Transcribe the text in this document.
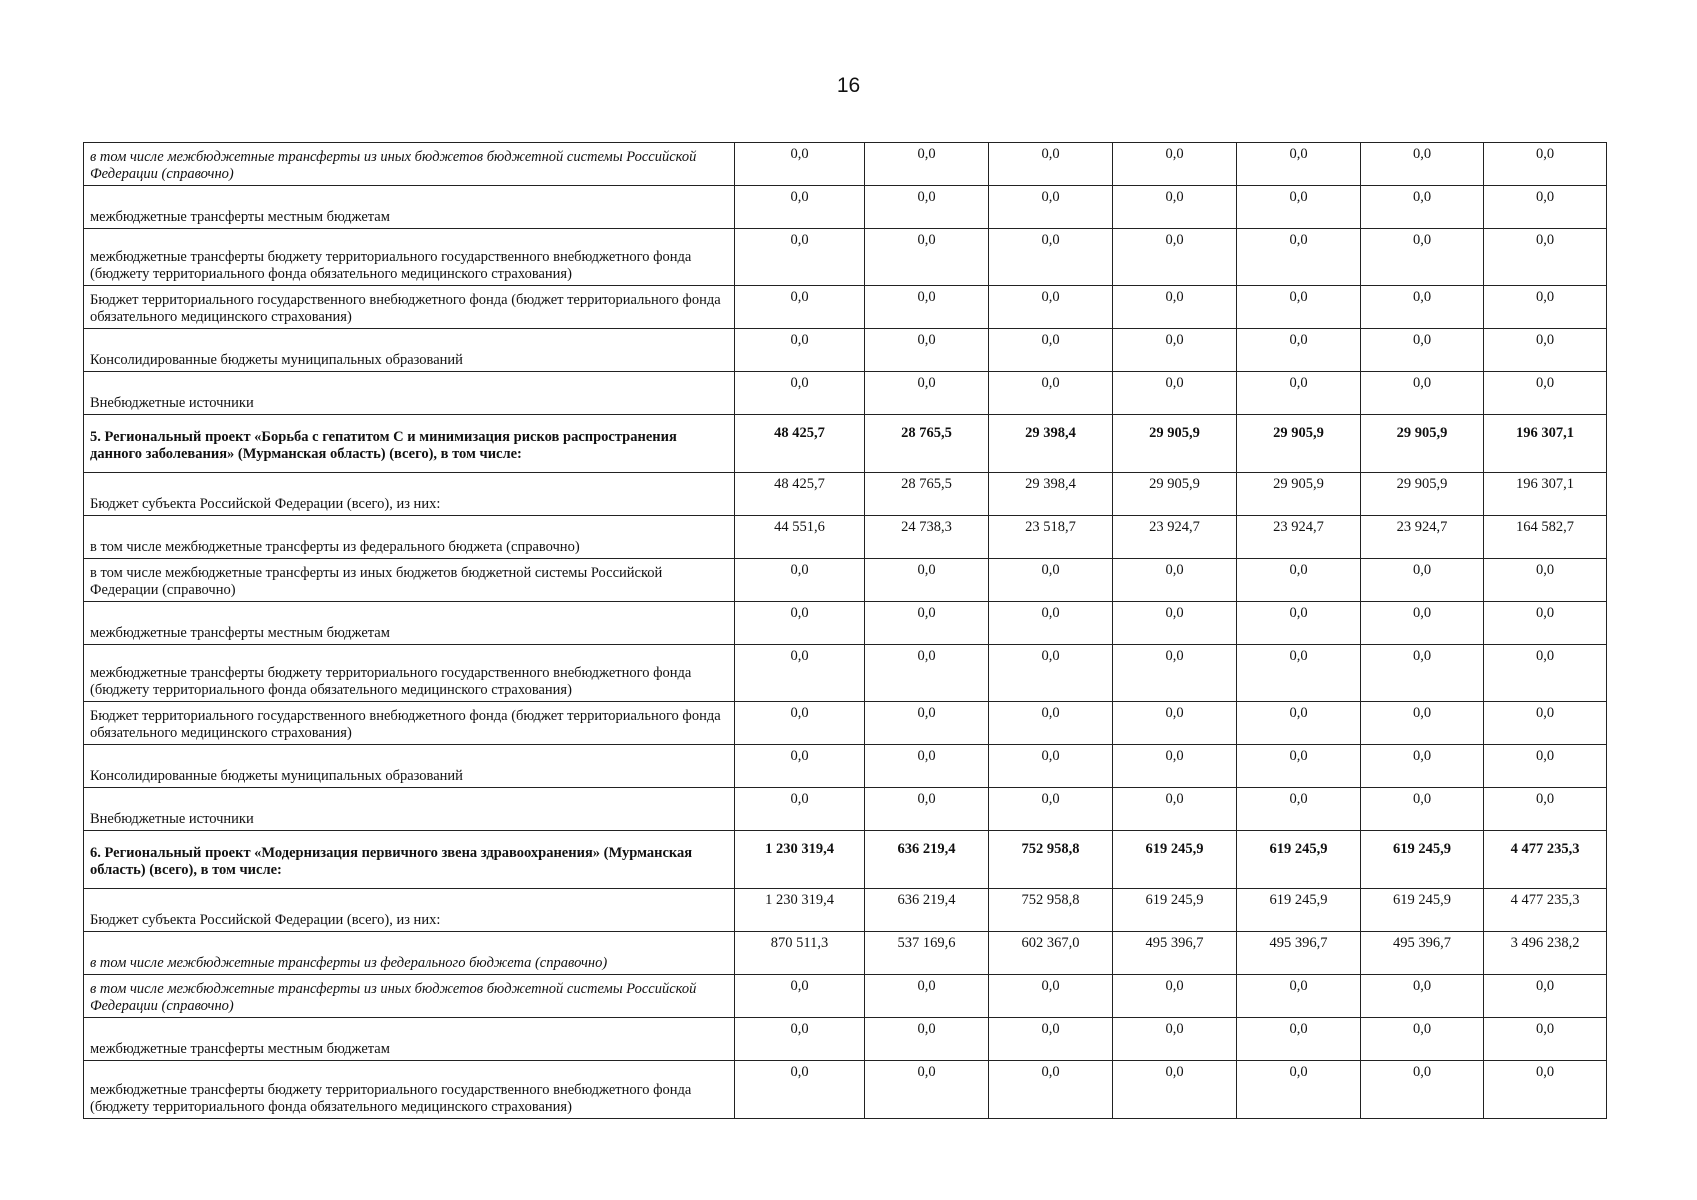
16
в том числе межбюджетные трансферты из иных бюджетов бюджетной системы Российской Федерации (справочно)	0,0	0,0	0,0	0,0	0,0	0,0	0,0
межбюджетные трансферты местным бюджетам	0,0	0,0	0,0	0,0	0,0	0,0	0,0
межбюджетные трансферты бюджету территориального государственного внебюджетного фонда (бюджету территориального фонда обязательного медицинского страхования)	0,0	0,0	0,0	0,0	0,0	0,0	0,0
Бюджет территориального государственного внебюджетного фонда (бюджет территориального фонда обязательного медицинского страхования)	0,0	0,0	0,0	0,0	0,0	0,0	0,0
Консолидированные бюджеты муниципальных образований	0,0	0,0	0,0	0,0	0,0	0,0	0,0
Внебюджетные источники	0,0	0,0	0,0	0,0	0,0	0,0	0,0
5. Региональный проект «Борьба с гепатитом С и минимизация рисков распространения данного заболевания» (Мурманская область) (всего), в том числе:	48 425,7	28 765,5	29 398,4	29 905,9	29 905,9	29 905,9	196 307,1
Бюджет субъекта Российской Федерации (всего), из них:	48 425,7	28 765,5	29 398,4	29 905,9	29 905,9	29 905,9	196 307,1
в том числе межбюджетные трансферты из федерального бюджета (справочно)	44 551,6	24 738,3	23 518,7	23 924,7	23 924,7	23 924,7	164 582,7
в том числе межбюджетные трансферты из иных бюджетов бюджетной системы Российской Федерации (справочно)	0,0	0,0	0,0	0,0	0,0	0,0	0,0
межбюджетные трансферты местным бюджетам	0,0	0,0	0,0	0,0	0,0	0,0	0,0
межбюджетные трансферты бюджету территориального государственного внебюджетного фонда (бюджету территориального фонда обязательного медицинского страхования)	0,0	0,0	0,0	0,0	0,0	0,0	0,0
Бюджет территориального государственного внебюджетного фонда (бюджет территориального фонда обязательного медицинского страхования)	0,0	0,0	0,0	0,0	0,0	0,0	0,0
Консолидированные бюджеты муниципальных образований	0,0	0,0	0,0	0,0	0,0	0,0	0,0
Внебюджетные источники	0,0	0,0	0,0	0,0	0,0	0,0	0,0
6. Региональный проект «Модернизация первичного звена здравоохранения» (Мурманская область) (всего), в том числе:	1 230 319,4	636 219,4	752 958,8	619 245,9	619 245,9	619 245,9	4 477 235,3
Бюджет субъекта Российской Федерации (всего), из них:	1 230 319,4	636 219,4	752 958,8	619 245,9	619 245,9	619 245,9	4 477 235,3
в том числе межбюджетные трансферты из федерального бюджета (справочно)	870 511,3	537 169,6	602 367,0	495 396,7	495 396,7	495 396,7	3 496 238,2
в том числе межбюджетные трансферты из иных бюджетов бюджетной системы Российской Федерации (справочно)	0,0	0,0	0,0	0,0	0,0	0,0	0,0
межбюджетные трансферты местным бюджетам	0,0	0,0	0,0	0,0	0,0	0,0	0,0
межбюджетные трансферты бюджету территориального государственного внебюджетного фонда (бюджету территориального фонда обязательного медицинского страхования)	0,0	0,0	0,0	0,0	0,0	0,0	0,0
